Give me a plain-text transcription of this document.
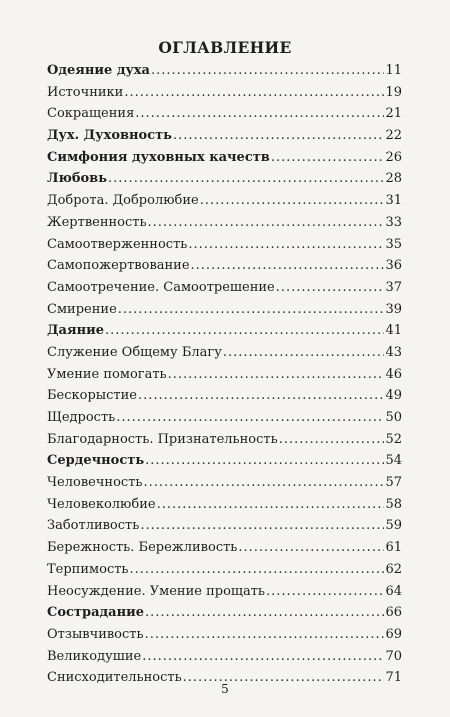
ОГЛАВЛЕНИЕ
Одеяние духа .....	11
Источники .....	19
Сокращения .....	21
Дух. Духовность .....	22
Симфония духовных качеств .....	26
Любовь .....	28
Доброта. Добролюбие .....	31
Жертвенность .....	33
Самоотверженность .....	35
Самопожертвование .....	36
Самоотречение. Самоотрешение .....	37
Смирение .....	39
Даяние .....	41
Служение Общему Благу .....	43
Умение помогать .....	46
Бескорыстие .....	49
Щедрость .....	50
Благодарность. Признательность .....	52
Сердечность .....	54
Человечность .....	57
Человеколюбие .....	58
Заботливость .....	59
Бережность. Бережливость .....	61
Терпимость .....	62
Неосуждение. Умение прощать .....	64
Сострадание .....	66
Отзывчивость .....	69
Великодушие .....	70
Снисходительность .....	71
5
